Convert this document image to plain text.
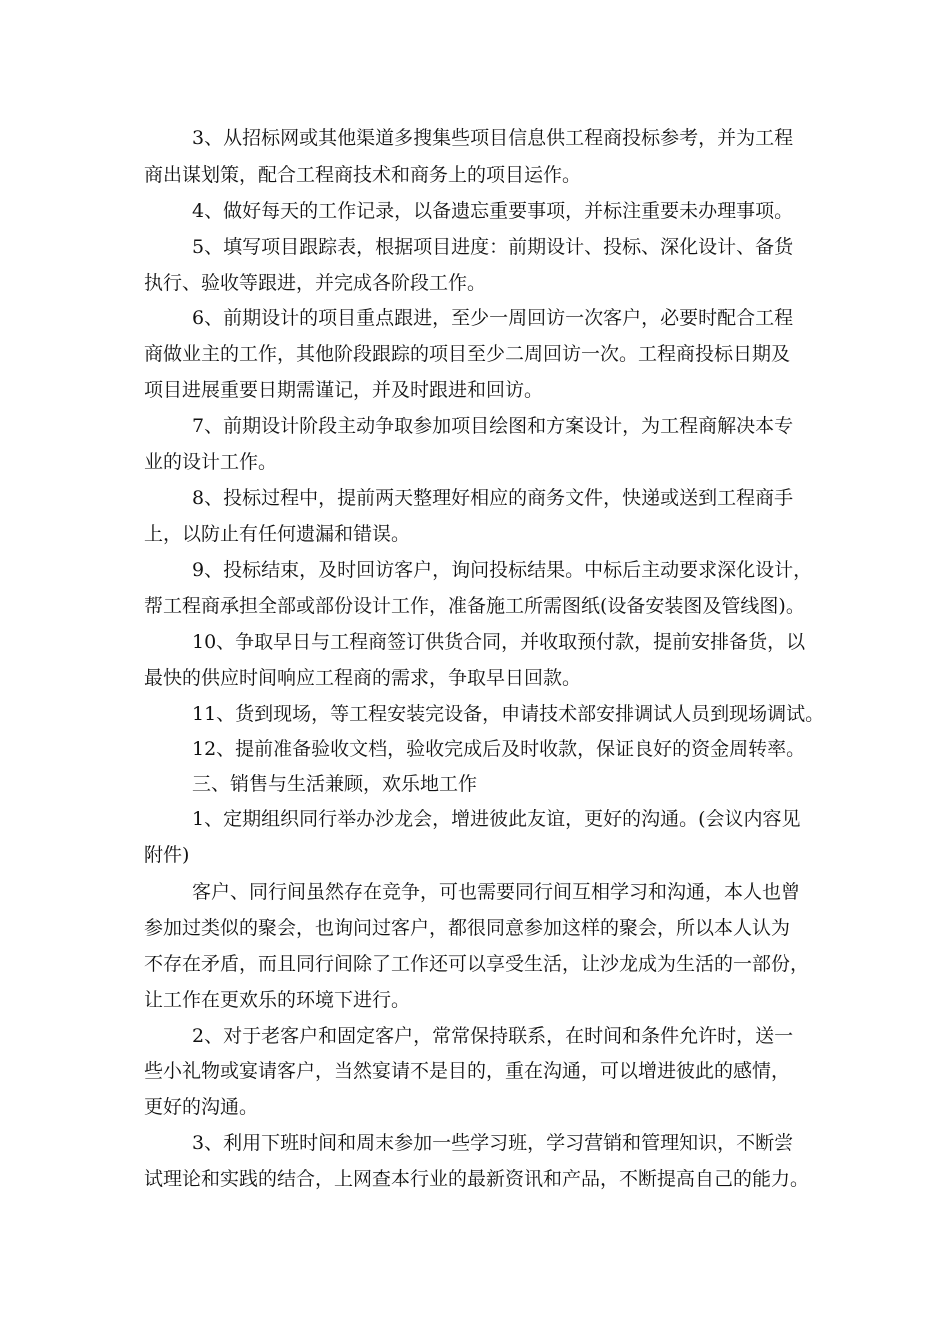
3、从招标网或其他渠道多搜集些项目信息供工程商投标参考，并为工程
商出谋划策，配合工程商技术和商务上的项目运作。
4、做好每天的工作记录，以备遗忘重要事项，并标注重要未办理事项。
5、填写项目跟踪表，根据项目进度：前期设计、投标、深化设计、备货
执行、验收等跟进，并完成各阶段工作。
6、前期设计的项目重点跟进，至少一周回访一次客户，必要时配合工程
商做业主的工作，其他阶段跟踪的项目至少二周回访一次。工程商投标日期及
项目进展重要日期需谨记，并及时跟进和回访。
7、前期设计阶段主动争取参加项目绘图和方案设计，为工程商解决本专
业的设计工作。
8、投标过程中，提前两天整理好相应的商务文件，快递或送到工程商手
上，以防止有任何遗漏和错误。
9、投标结束，及时回访客户，询问投标结果。中标后主动要求深化设计，
帮工程商承担全部或部份设计工作，准备施工所需图纸(设备安装图及管线图)。
10、争取早日与工程商签订供货合同，并收取预付款，提前安排备货，以
最快的供应时间响应工程商的需求，争取早日回款。
11、货到现场，等工程安装完设备，申请技术部安排调试人员到现场调试。
12、提前准备验收文档，验收完成后及时收款，保证良好的资金周转率。
三、销售与生活兼顾，欢乐地工作
1、定期组织同行举办沙龙会，增进彼此友谊，更好的沟通。(会议内容见
附件)
客户、同行间虽然存在竞争，可也需要同行间互相学习和沟通，本人也曾
参加过类似的聚会，也询问过客户，都很同意参加这样的聚会，所以本人认为
不存在矛盾，而且同行间除了工作还可以享受生活，让沙龙成为生活的一部份，
让工作在更欢乐的环境下进行。
2、对于老客户和固定客户，常常保持联系，在时间和条件允许时，送一
些小礼物或宴请客户，当然宴请不是目的，重在沟通，可以增进彼此的感情，
更好的沟通。
3、利用下班时间和周末参加一些学习班，学习营销和管理知识，不断尝
试理论和实践的结合，上网查本行业的最新资讯和产品，不断提高自己的能力。
